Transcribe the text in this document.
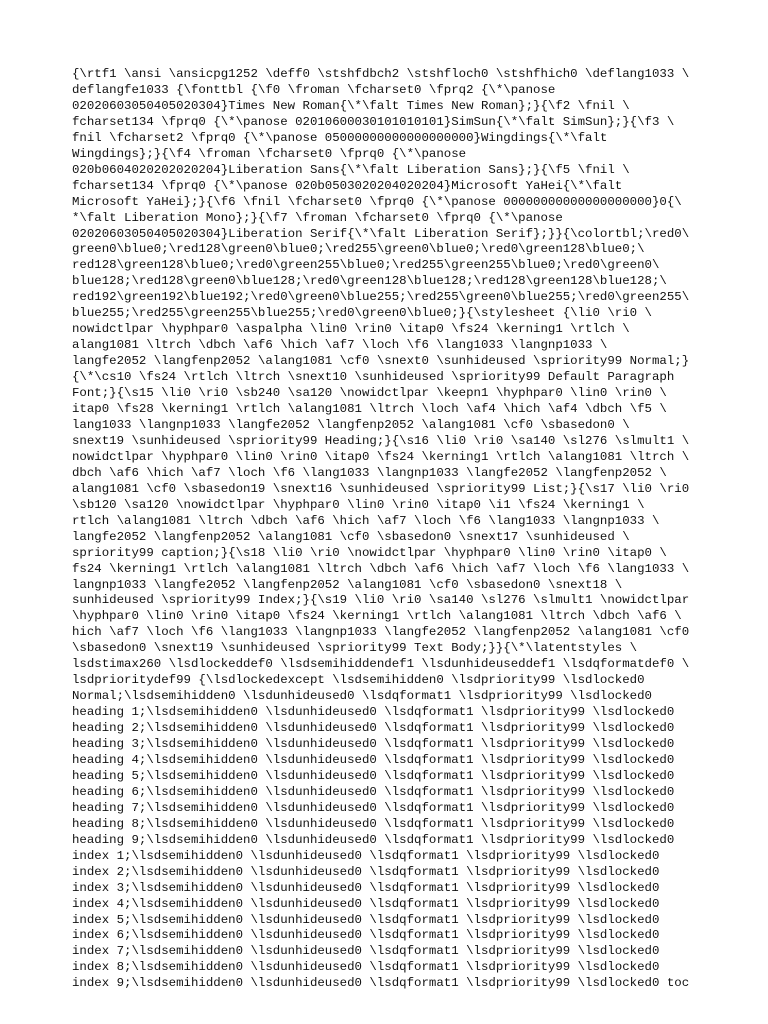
{\rtf1 \ansi \ansicpg1252 \deff0 \stshfdbch2 \stshfloch0 \stshfhich0 \deflang1033 \
deflangfe1033 {\fonttbl {\f0 \froman \fcharset0 \fprq2 {\*\panose
02020603050405020304}Times New Roman{\*\falt Times New Roman};}{\f2 \fnil \
fcharset134 \fprq0 {\*\panose 02010600030101010101}SimSun{\*\falt SimSun};}{\f3 \
fnil \fcharset2 \fprq0 {\*\panose 05000000000000000000}Wingdings{\*\falt
Wingdings};}{\f4 \froman \fcharset0 \fprq0 {\*\panose
020b0604020202020204}Liberation Sans{\*\falt Liberation Sans};}{\f5 \fnil \
fcharset134 \fprq0 {\*\panose 020b0503020204020204}Microsoft YaHei{\*\falt
Microsoft YaHei};}{\f6 \fnil \fcharset0 \fprq0 {\*\panose 00000000000000000000}0{\
*\falt Liberation Mono};}{\f7 \froman \fcharset0 \fprq0 {\*\panose
02020603050405020304}Liberation Serif{\*\falt Liberation Serif};}}{\colortbl;\red0\
green0\blue0;\red128\green0\blue0;\red255\green0\blue0;\red0\green128\blue0;\
red128\green128\blue0;\red0\green255\blue0;\red255\green255\blue0;\red0\green0\
blue128;\red128\green0\blue128;\red0\green128\blue128;\red128\green128\blue128;\
red192\green192\blue192;\red0\green0\blue255;\red255\green0\blue255;\red0\green255\
blue255;\red255\green255\blue255;\red0\green0\blue0;}{\stylesheet {\li0 \ri0 \
nowidctlpar \hyphpar0 \aspalpha \lin0 \rin0 \itap0 \fs24 \kerning1 \rtlch \
alang1081 \ltrch \dbch \af6 \hich \af7 \loch \f6 \lang1033 \langnp1033 \
langfe2052 \langfenp2052 \alang1081 \cf0 \snext0 \sunhideused \spriority99 Normal;}
{\*\cs10 \fs24 \rtlch \ltrch \snext10 \sunhideused \spriority99 Default Paragraph
Font;}{\s15 \li0 \ri0 \sb240 \sa120 \nowidctlpar \keepn1 \hyphpar0 \lin0 \rin0 \
itap0 \fs28 \kerning1 \rtlch \alang1081 \ltrch \loch \af4 \hich \af4 \dbch \f5 \
lang1033 \langnp1033 \langfe2052 \langfenp2052 \alang1081 \cf0 \sbasedon0 \
snext19 \sunhideused \spriority99 Heading;}{\s16 \li0 \ri0 \sa140 \sl276 \slmult1 \
nowidctlpar \hyphpar0 \lin0 \rin0 \itap0 \fs24 \kerning1 \rtlch \alang1081 \ltrch \
dbch \af6 \hich \af7 \loch \f6 \lang1033 \langnp1033 \langfe2052 \langfenp2052 \
alang1081 \cf0 \sbasedon19 \snext16 \sunhideused \spriority99 List;}{\s17 \li0 \ri0
\sb120 \sa120 \nowidctlpar \hyphpar0 \lin0 \rin0 \itap0 \i1 \fs24 \kerning1 \
rtlch \alang1081 \ltrch \dbch \af6 \hich \af7 \loch \f6 \lang1033 \langnp1033 \
langfe2052 \langfenp2052 \alang1081 \cf0 \sbasedon0 \snext17 \sunhideused \
spriority99 caption;}{\s18 \li0 \ri0 \nowidctlpar \hyphpar0 \lin0 \rin0 \itap0 \
fs24 \kerning1 \rtlch \alang1081 \ltrch \dbch \af6 \hich \af7 \loch \f6 \lang1033 \
langnp1033 \langfe2052 \langfenp2052 \alang1081 \cf0 \sbasedon0 \snext18 \
sunhideused \spriority99 Index;}{\s19 \li0 \ri0 \sa140 \sl276 \slmult1 \nowidctlpar
\hyphpar0 \lin0 \rin0 \itap0 \fs24 \kerning1 \rtlch \alang1081 \ltrch \dbch \af6 \
hich \af7 \loch \f6 \lang1033 \langnp1033 \langfe2052 \langfenp2052 \alang1081 \cf0
\sbasedon0 \snext19 \sunhideused \spriority99 Text Body;}}{\*\latentstyles \
lsdstimax260 \lsdlockeddef0 \lsdsemihiddendef1 \lsdunhideuseddef1 \lsdqformatdef0 \
lsdprioritydef99 {\lsdlockedexcept \lsdsemihidden0 \lsdpriority99 \lsdlocked0
Normal;\lsdsemihidden0 \lsdunhideused0 \lsdqformat1 \lsdpriority99 \lsdlocked0
heading 1;\lsdsemihidden0 \lsdunhideused0 \lsdqformat1 \lsdpriority99 \lsdlocked0
heading 2;\lsdsemihidden0 \lsdunhideused0 \lsdqformat1 \lsdpriority99 \lsdlocked0
heading 3;\lsdsemihidden0 \lsdunhideused0 \lsdqformat1 \lsdpriority99 \lsdlocked0
heading 4;\lsdsemihidden0 \lsdunhideused0 \lsdqformat1 \lsdpriority99 \lsdlocked0
heading 5;\lsdsemihidden0 \lsdunhideused0 \lsdqformat1 \lsdpriority99 \lsdlocked0
heading 6;\lsdsemihidden0 \lsdunhideused0 \lsdqformat1 \lsdpriority99 \lsdlocked0
heading 7;\lsdsemihidden0 \lsdunhideused0 \lsdqformat1 \lsdpriority99 \lsdlocked0
heading 8;\lsdsemihidden0 \lsdunhideused0 \lsdqformat1 \lsdpriority99 \lsdlocked0
heading 9;\lsdsemihidden0 \lsdunhideused0 \lsdqformat1 \lsdpriority99 \lsdlocked0
index 1;\lsdsemihidden0 \lsdunhideused0 \lsdqformat1 \lsdpriority99 \lsdlocked0
index 2;\lsdsemihidden0 \lsdunhideused0 \lsdqformat1 \lsdpriority99 \lsdlocked0
index 3;\lsdsemihidden0 \lsdunhideused0 \lsdqformat1 \lsdpriority99 \lsdlocked0
index 4;\lsdsemihidden0 \lsdunhideused0 \lsdqformat1 \lsdpriority99 \lsdlocked0
index 5;\lsdsemihidden0 \lsdunhideused0 \lsdqformat1 \lsdpriority99 \lsdlocked0
index 6;\lsdsemihidden0 \lsdunhideused0 \lsdqformat1 \lsdpriority99 \lsdlocked0
index 7;\lsdsemihidden0 \lsdunhideused0 \lsdqformat1 \lsdpriority99 \lsdlocked0
index 8;\lsdsemihidden0 \lsdunhideused0 \lsdqformat1 \lsdpriority99 \lsdlocked0
index 9;\lsdsemihidden0 \lsdunhideused0 \lsdqformat1 \lsdpriority99 \lsdlocked0 toc
